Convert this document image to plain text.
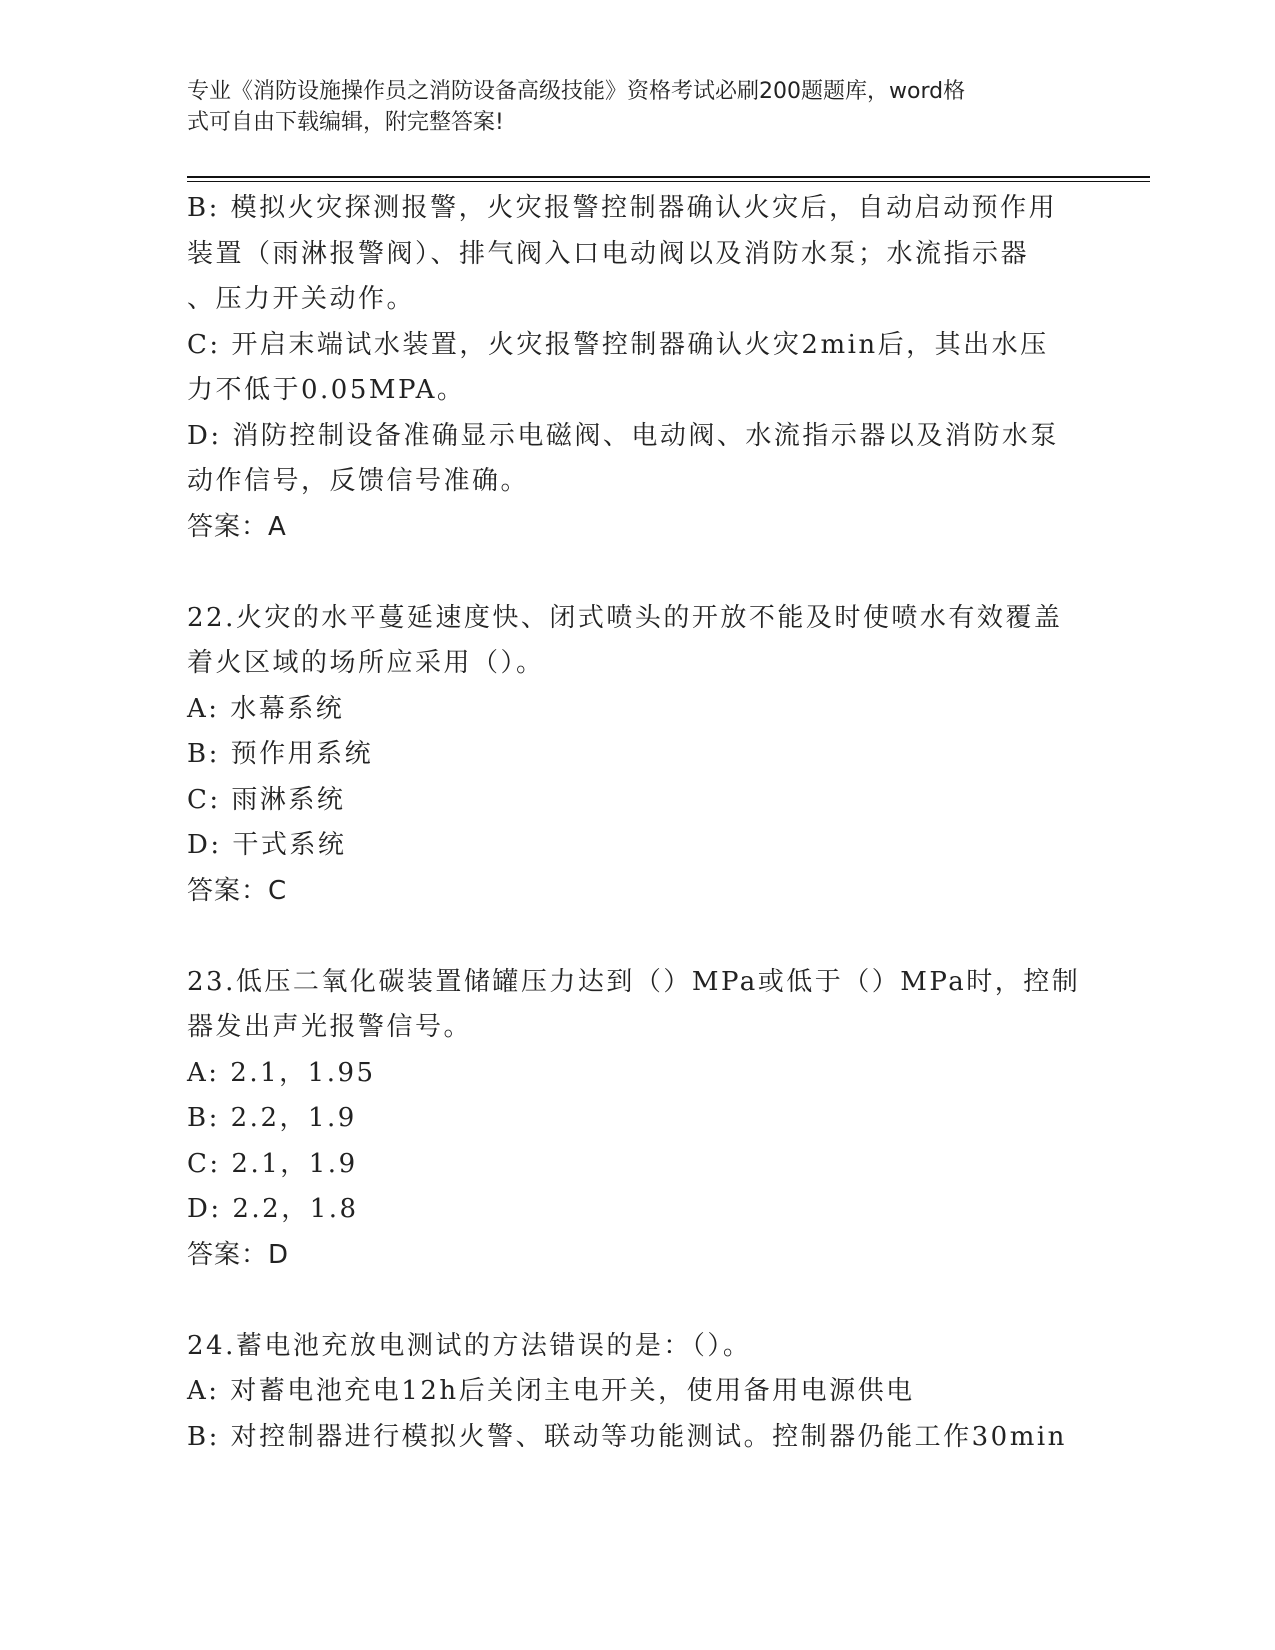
专业《消防设施操作员之消防设备高级技能》资格考试必刷200题题库，word格
式可自由下载编辑，附完整答案!
B: 模拟火灾探测报警，火灾报警控制器确认火灾后，自动启动预作用
装置（雨淋报警阀）、排气阀入口电动阀以及消防水泵；水流指示器
、压力开关动作。
C: 开启末端试水装置，火灾报警控制器确认火灾2min后，其出水压
力不低于0.05MPA。
D: 消防控制设备准确显示电磁阀、电动阀、水流指示器以及消防水泵
动作信号，反馈信号准确。
答案：A
22.火灾的水平蔓延速度快、闭式喷头的开放不能及时使喷水有效覆盖
着火区域的场所应采用（）。
A: 水幕系统
B: 预作用系统
C: 雨淋系统
D: 干式系统
答案：C
23.低压二氧化碳装置储罐压力达到（）MPa或低于（）MPa时，控制
器发出声光报警信号。
A: 2.1，1.95
B: 2.2，1.9
C: 2.1，1.9
D: 2.2，1.8
答案：D
24.蓄电池充放电测试的方法错误的是：（）。
A: 对蓄电池充电12h后关闭主电开关，使用备用电源供电
B: 对控制器进行模拟火警、联动等功能测试。控制器仍能工作30min
